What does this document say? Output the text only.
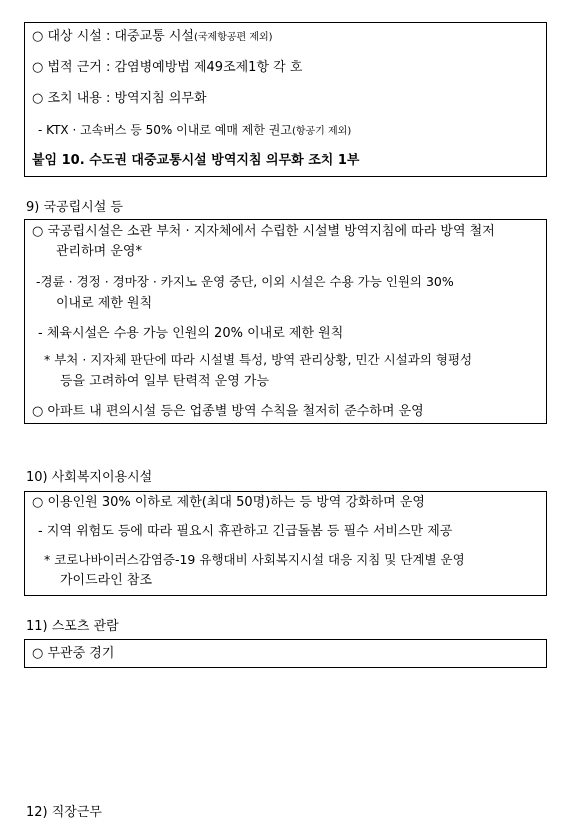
○ 대상 시설 : 대중교통 시설(국제항공편 제외)
○ 법적 근거 : 감염병예방법 제49조제1항 각 호
○ 조치 내용 : 방역지침 의무화
- KTX · 고속버스 등 50% 이내로 예매 제한 권고(항공기 제외)
붙임 10. 수도권 대중교통시설 방역지침 의무화 조치 1부
9) 국공립시설 등
○ 국공립시설은 소관 부처 · 지자체에서 수립한 시설별 방역지침에 따라 방역 철저
관리하며 운영*
-경륜 · 경정 · 경마장 · 카지노 운영 중단, 이외 시설은 수용 가능 인원의 30%
이내로 제한 원칙
- 체육시설은 수용 가능 인원의 20% 이내로 제한 원칙
* 부처 · 지자체 판단에 따라 시설별 특성, 방역 관리상황, 민간 시설과의 형평성
등을 고려하여 일부 탄력적 운영 가능
○ 아파트 내 편의시설 등은 업종별 방역 수칙을 철저히 준수하며 운영
10) 사회복지이용시설
○ 이용인원 30% 이하로 제한(최대 50명)하는 등 방역 강화하며 운영
- 지역 위험도 등에 따라 필요시 휴관하고 긴급돌봄 등 필수 서비스만 제공
* 코로나바이러스감염증-19 유행대비 사회복지시설 대응 지침 및 단계별 운영
가이드라인 참조
11) 스포츠 관람
○ 무관중 경기
12) 직장근무
